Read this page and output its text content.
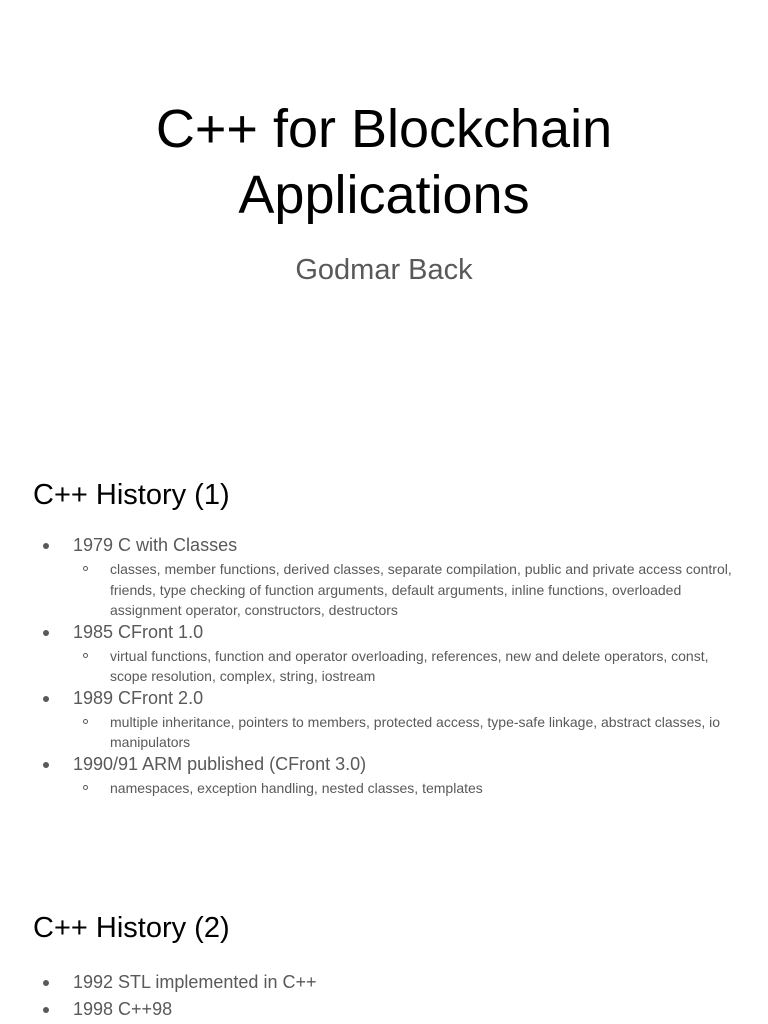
C++ for Blockchain
Applications
Godmar Back
C++ History (1)
1979 C with Classes
classes, member functions, derived classes, separate compilation, public and private access control, friends, type checking of function arguments, default arguments, inline functions, overloaded assignment operator, constructors, destructors
1985 CFront 1.0
virtual functions, function and operator overloading, references, new and delete operators, const, scope resolution, complex, string, iostream
1989 CFront 2.0
multiple inheritance, pointers to members, protected access, type-safe linkage, abstract classes, io manipulators
1990/91 ARM published (CFront 3.0)
namespaces, exception handling, nested classes, templates
C++ History (2)
1992 STL implemented in C++
1998 C++98
